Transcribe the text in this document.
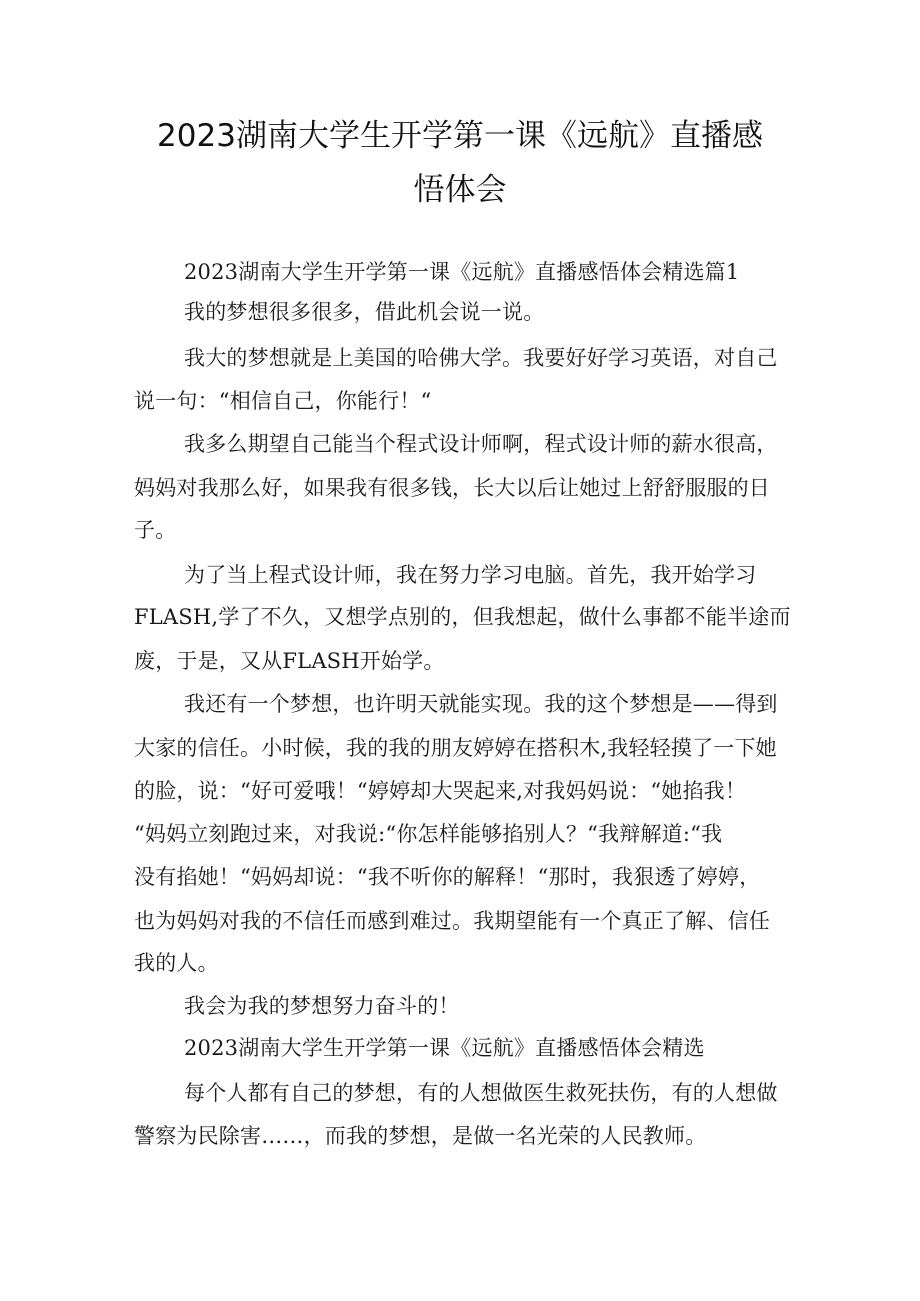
2023湖南大学生开学第一课《远航》直播感
悟体会

2023湖南大学生开学第一课《远航》直播感悟体会精选篇1

我的梦想很多很多，借此机会说一说。

我大的梦想就是上美国的哈佛大学。我要好好学习英语，对自己

说一句：“相信自己，你能行！“

我多么期望自己能当个程式设计师啊，程式设计师的薪水很高，

妈妈对我那么好，如果我有很多钱，长大以后让她过上舒舒服服的日

子。

为了当上程式设计师，我在努力学习电脑。首先，我开始学习

FLASH,学了不久，又想学点别的，但我想起，做什么事都不能半途而

废，于是，又从FLASH开始学。

我还有一个梦想，也许明天就能实现。我的这个梦想是——得到

大家的信任。小时候，我的我的朋友婷婷在搭积木,我轻轻摸了一下她

的脸，说：“好可爱哦！“婷婷却大哭起来,对我妈妈说：“她掐我！

“妈妈立刻跑过来，对我说:“你怎样能够掐别人？“我辩解道:“我

没有掐她！“妈妈却说：“我不听你的解释！“那时，我狠透了婷婷，

也为妈妈对我的不信任而感到难过。我期望能有一个真正了解、信任

我的人。

我会为我的梦想努力奋斗的！

2023湖南大学生开学第一课《远航》直播感悟体会精选

每个人都有自己的梦想，有的人想做医生救死扶伤，有的人想做

警察为民除害……，而我的梦想，是做一名光荣的人民教师。
